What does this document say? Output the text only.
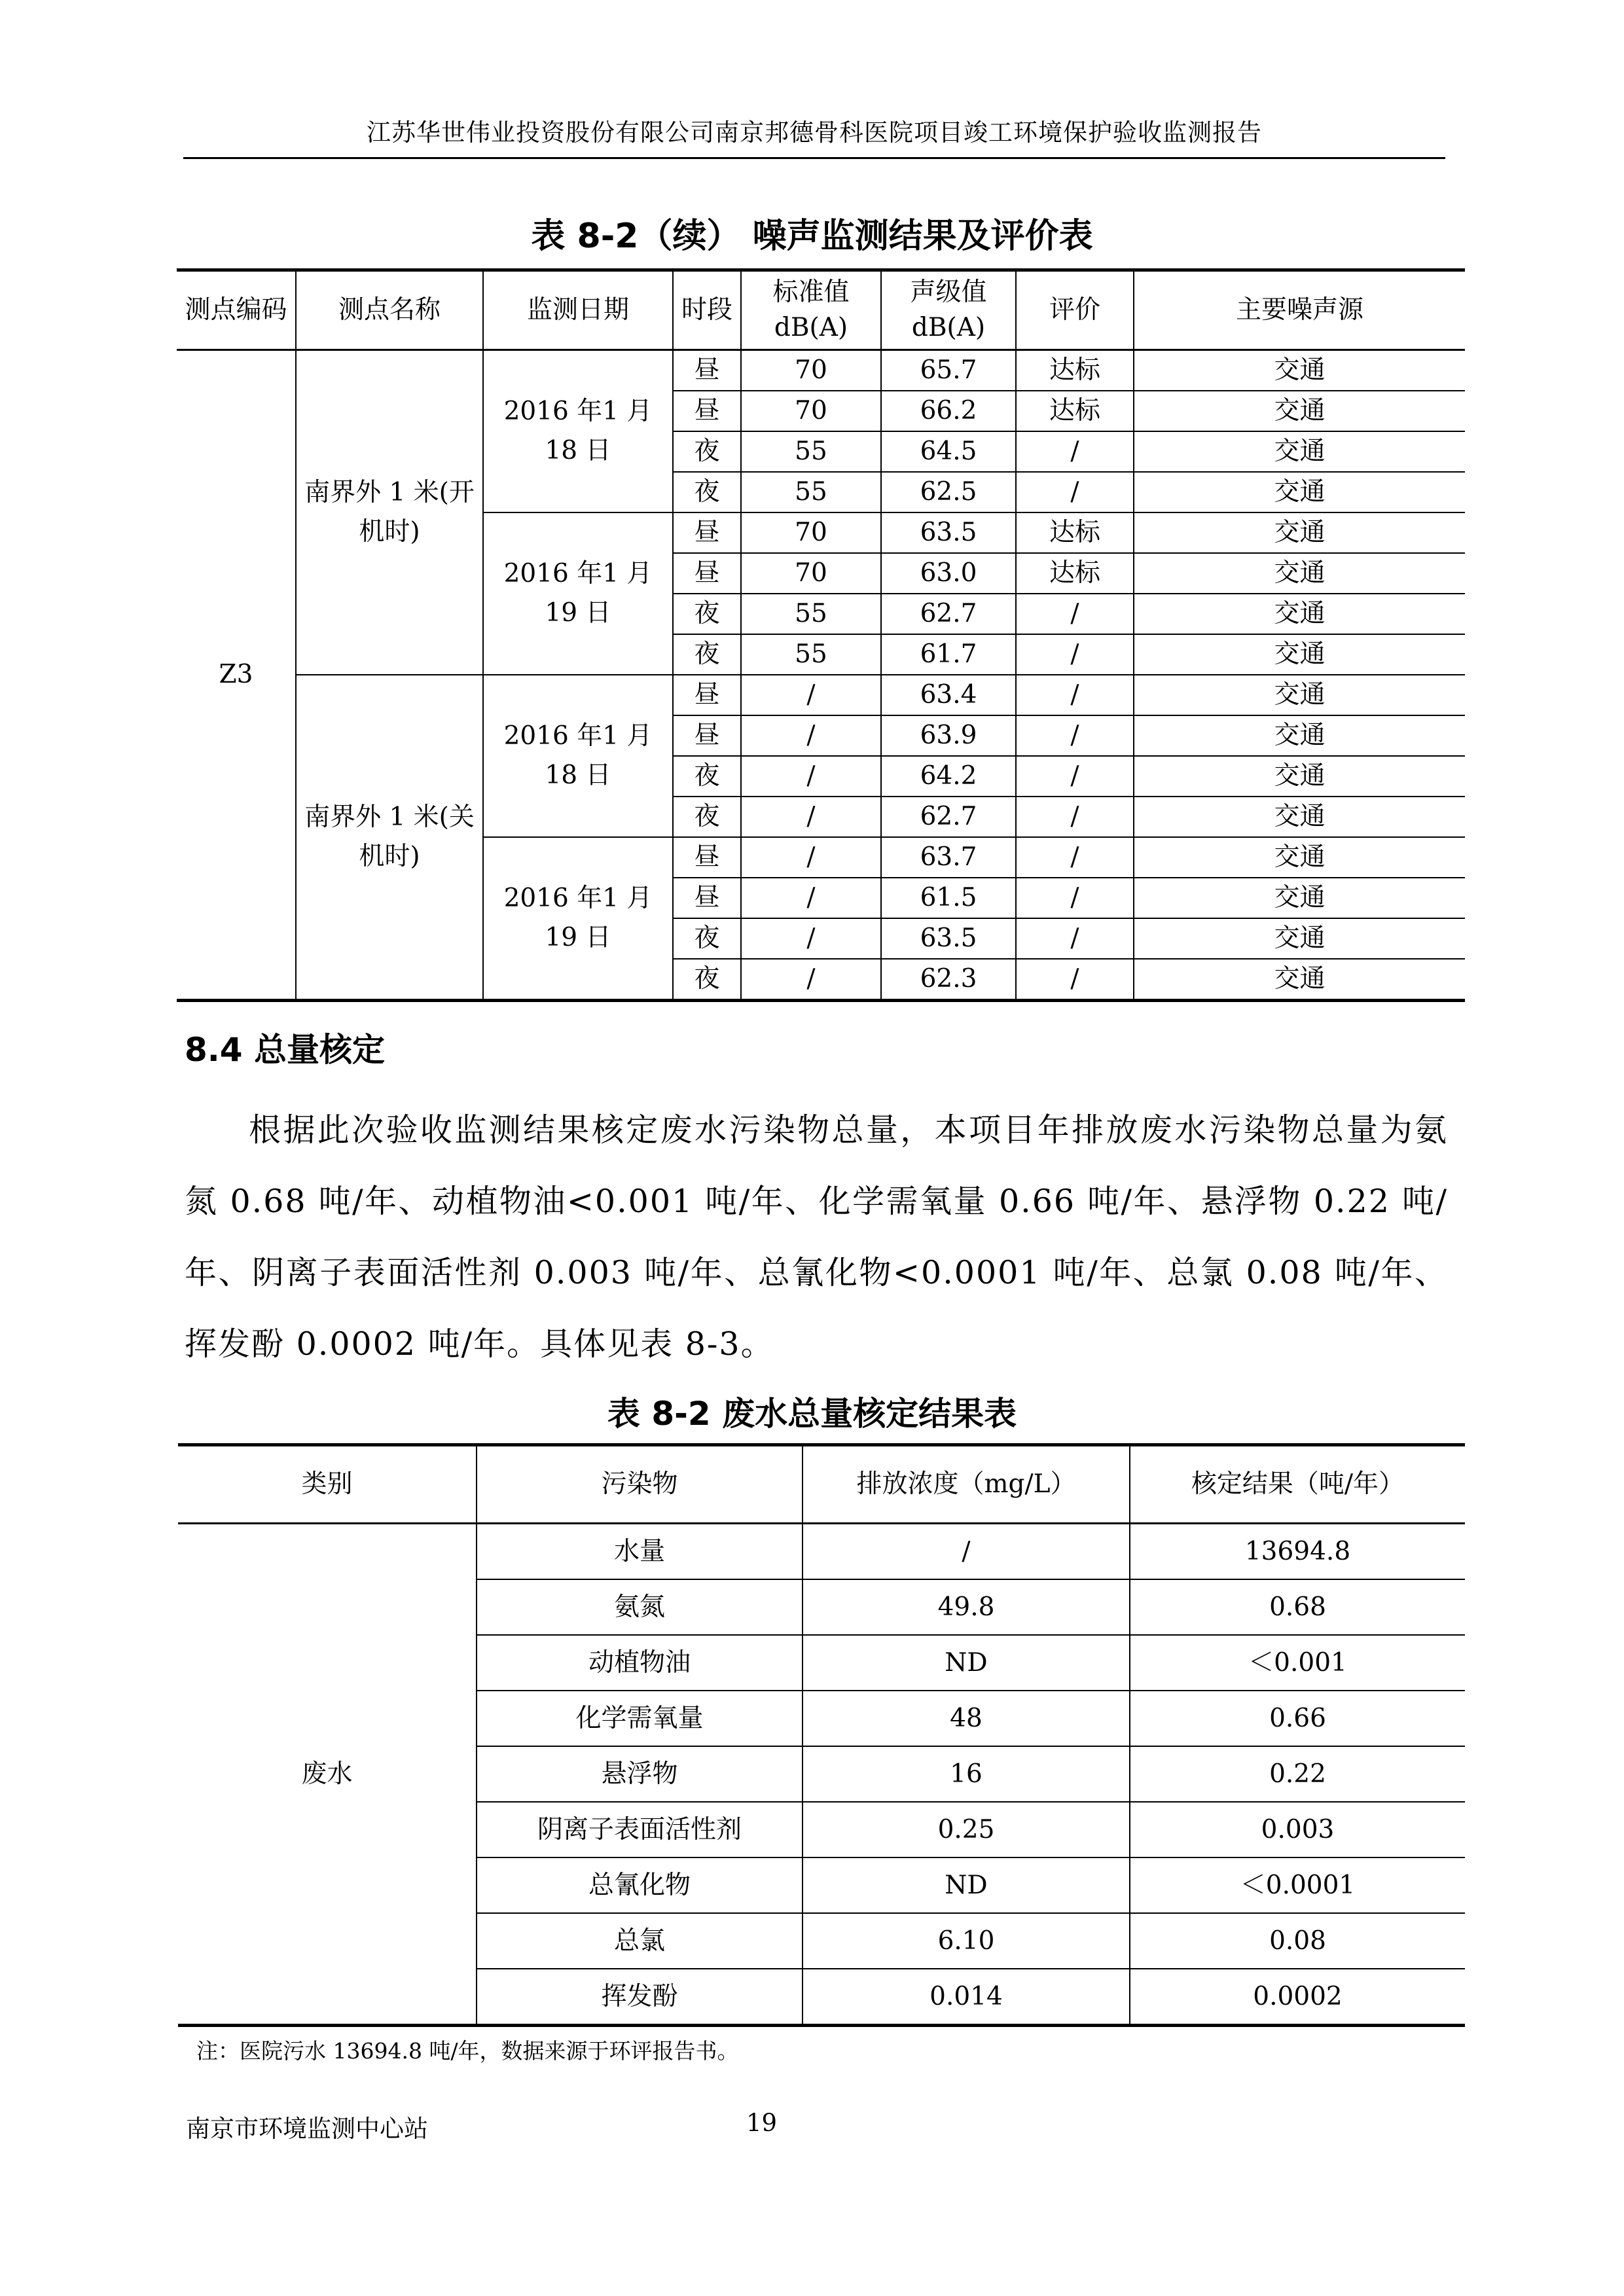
江苏华世伟业投资股份有限公司南京邦德骨科医院项目竣工环境保护验收监测报告
表 8-2（续） 噪声监测结果及评价表
测点编码	测点名称	监测日期	时段	标准值dB(A)	声级值dB(A)	评价	主要噪声源
Z3	南界外 1 米(开机时)	2016 年1 月 18 日	昼	70	65.7	达标	交通
			昼	70	66.2	达标	交通
			夜	55	64.5	/	交通
			夜	55	62.5	/	交通
		2016 年1 月 19 日	昼	70	63.5	达标	交通
			昼	70	63.0	达标	交通
			夜	55	62.7	/	交通
			夜	55	61.7	/	交通
	南界外 1 米(关机时)	2016 年1 月 18 日	昼	/	63.4	/	交通
			昼	/	63.9	/	交通
			夜	/	64.2	/	交通
			夜	/	62.7	/	交通
		2016 年1 月 19 日	昼	/	63.7	/	交通
			昼	/	61.5	/	交通
			夜	/	63.5	/	交通
			夜	/	62.3	/	交通
8.4 总量核定
根据此次验收监测结果核定废水污染物总量，本项目年排放废水污染物总量为氨氮 0.68 吨/年、动植物油<0.001 吨/年、化学需氧量 0.66 吨/年、悬浮物 0.22 吨/年、阴离子表面活性剂 0.003 吨/年、总氰化物<0.0001 吨/年、总氯 0.08 吨/年、挥发酚 0.0002 吨/年。具体见表 8-3。
表 8-2 废水总量核定结果表
类别	污染物	排放浓度（mg/L）	核定结果（吨/年）
废水	水量	/	13694.8
	氨氮	49.8	0.68
	动植物油	ND	＜0.001
	化学需氧量	48	0.66
	悬浮物	16	0.22
	阴离子表面活性剂	0.25	0.003
	总氰化物	ND	＜0.0001
	总氯	6.10	0.08
	挥发酚	0.014	0.0002
注：医院污水 13694.8 吨/年，数据来源于环评报告书。
南京市环境监测中心站	19
